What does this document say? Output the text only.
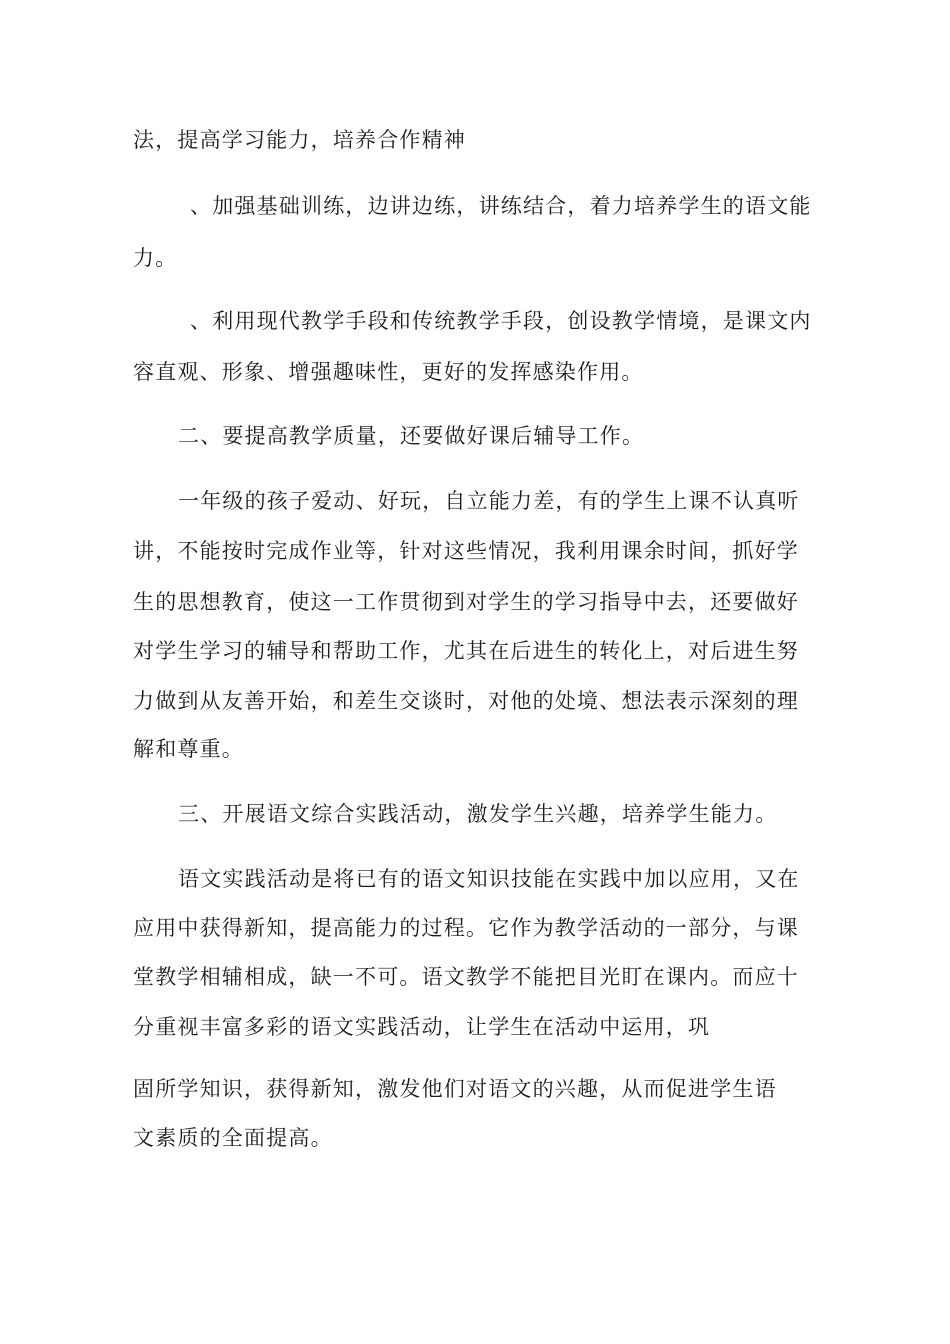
法，提高学习能力，培养合作精神
、加强基础训练，边讲边练，讲练结合，着力培养学生的语文能
力。
、利用现代教学手段和传统教学手段，创设教学情境，是课文内
容直观、形象、增强趣味性，更好的发挥感染作用。
二、要提高教学质量，还要做好课后辅导工作。
一年级的孩子爱动、好玩，自立能力差，有的学生上课不认真听
讲，不能按时完成作业等，针对这些情况，我利用课余时间，抓好学
生的思想教育，使这一工作贯彻到对学生的学习指导中去，还要做好
对学生学习的辅导和帮助工作，尤其在后进生的转化上，对后进生努
力做到从友善开始，和差生交谈时，对他的处境、想法表示深刻的理
解和尊重。
三、开展语文综合实践活动，激发学生兴趣，培养学生能力。
语文实践活动是将已有的语文知识技能在实践中加以应用，又在
应用中获得新知，提高能力的过程。它作为教学活动的一部分，与课
堂教学相辅相成，缺一不可。语文教学不能把目光盯在课内。而应十
分重视丰富多彩的语文实践活动，让学生在活动中运用，巩
固所学知识，获得新知，激发他们对语文的兴趣，从而促进学生语
文素质的全面提高。
